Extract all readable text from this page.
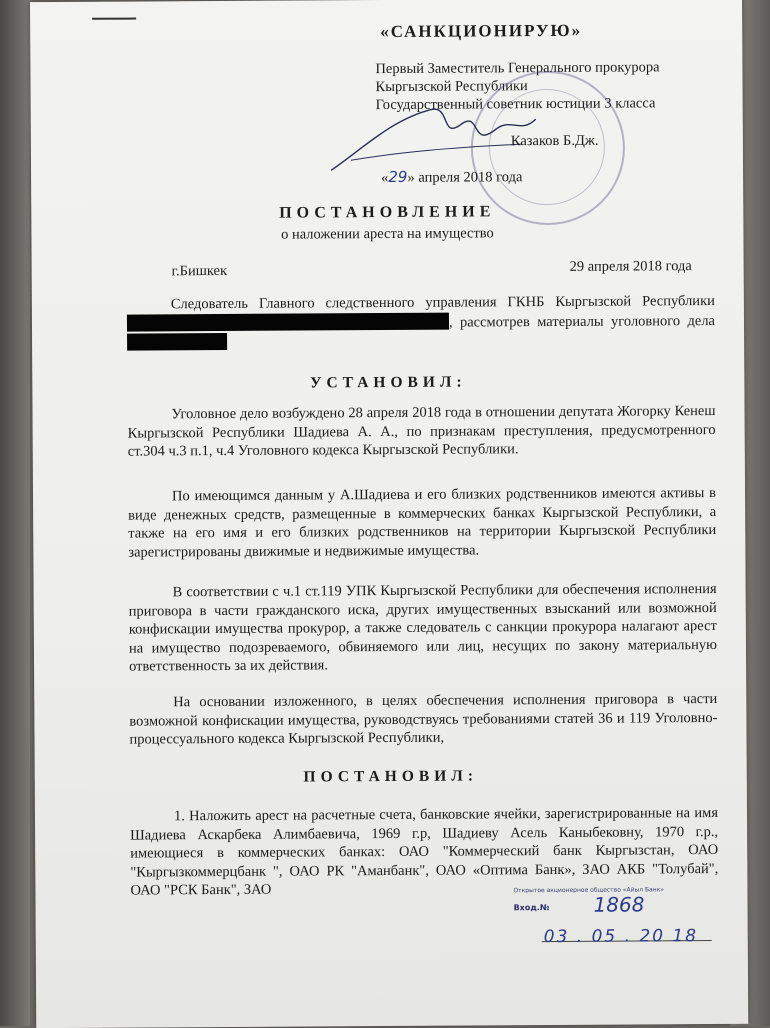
«САНКЦИОНИРУЮ»
Первый Заместитель Генерального прокурора
Кыргызской Республики
Государственный советник юстиции 3 класса
Казаков Б.Дж.
«29» апреля 2018 года
ПОСТАНОВЛЕНИЕ
о наложении ареста на имущество
г.Бишкек	29 апреля 2018 года
Следователь Главного следственного управления ГКНБ Кыргызской Республики , рассмотрев материалы уголовного дела
УСТАНОВИЛ:
Уголовное дело возбуждено 28 апреля 2018 года в отношении депутата Жогорку Кенеш Кыргызской Республики Шадиева А. А., по признакам преступления, предусмотренного ст.304 ч.3 п.1, ч.4 Уголовного кодекса Кыргызской Республики.
По имеющимся данным у А.Шадиева и его близких родственников имеются активы в виде денежных средств, размещенные в коммерческих банках Кыргызской Республики, а также на его имя и его близких родственников на территории Кыргызской Республики зарегистрированы движимые и недвижимые имущества.
В соответствии с ч.1 ст.119 УПК Кыргызской Республики для обеспечения исполнения приговора в части гражданского иска, других имущественных взысканий или возможной конфискации имущества прокурор, а также следователь с санкции прокурора налагают арест на имущество подозреваемого, обвиняемого или лиц, несущих по закону материальную ответственность за их действия.
На основании изложенного, в целях обеспечения исполнения приговора в части возможной конфискации имущества, руководствуясь требованиями статей 36 и 119 Уголовно-процессуального кодекса Кыргызской Республики,
ПОСТАНОВИЛ:
1. Наложить арест на расчетные счета, банковские ячейки, зарегистрированные на имя Шадиева Аскарбека Алимбаевича, 1969 г.р, Шадиеву Асель Каныбековну, 1970 г.р., имеющиеся в коммерческих банках: ОАО "Коммерческий банк Кыргызстан, ОАО "Кыргызкоммерцбанк ", ОАО РК "Аманбанк", ОАО «Оптима Банк», ЗАО АКБ "Толубай", ОАО "РСК Банк", ЗАО	Открытое акционерное общество «Айыл Банк»
Вход.№ 1868
03 . 05 . 20 18
